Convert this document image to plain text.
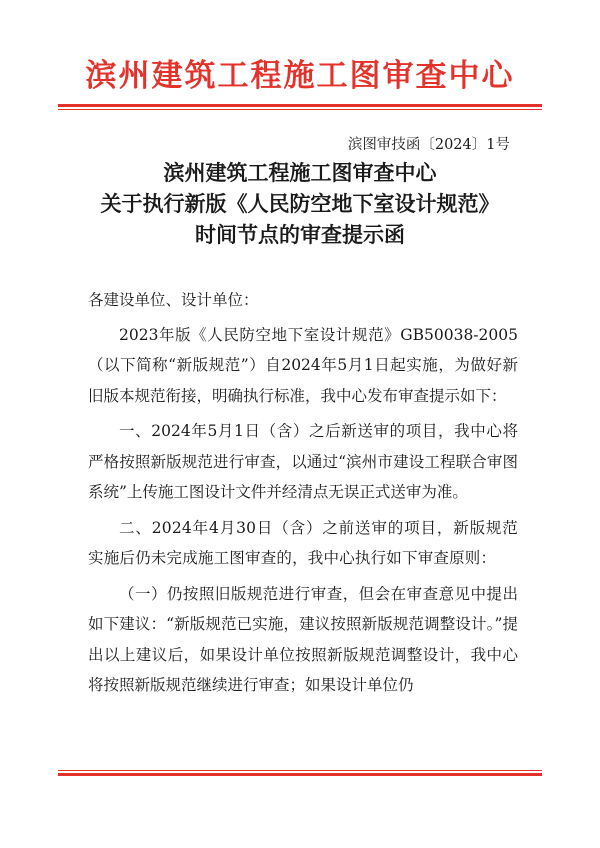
滨州建筑工程施工图审查中心
滨图审技函〔2024〕1号
滨州建筑工程施工图审查中心
关于执行新版《人民防空地下室设计规范》
时间节点的审查提示函

各建设单位、设计单位：

2023年版《人民防空地下室设计规范》GB50038-2005（以下简称“新版规范”）自2024年5月1日起实施，为做好新旧版本规范衔接，明确执行标准，我中心发布审查提示如下：

一、2024年5月1日（含）之后新送审的项目，我中心将严格按照新版规范进行审查，以通过“滨州市建设工程联合审图系统”上传施工图设计文件并经清点无误正式送审为准。

二、2024年4月30日（含）之前送审的项目，新版规范实施后仍未完成施工图审查的，我中心执行如下审查原则：

（一）仍按照旧版规范进行审查，但会在审查意见中提出如下建议：“新版规范已实施，建议按照新版规范调整设计。”提出以上建议后，如果设计单位按照新版规范调整设计，我中心将按照新版规范继续进行审查；如果设计单位仍
